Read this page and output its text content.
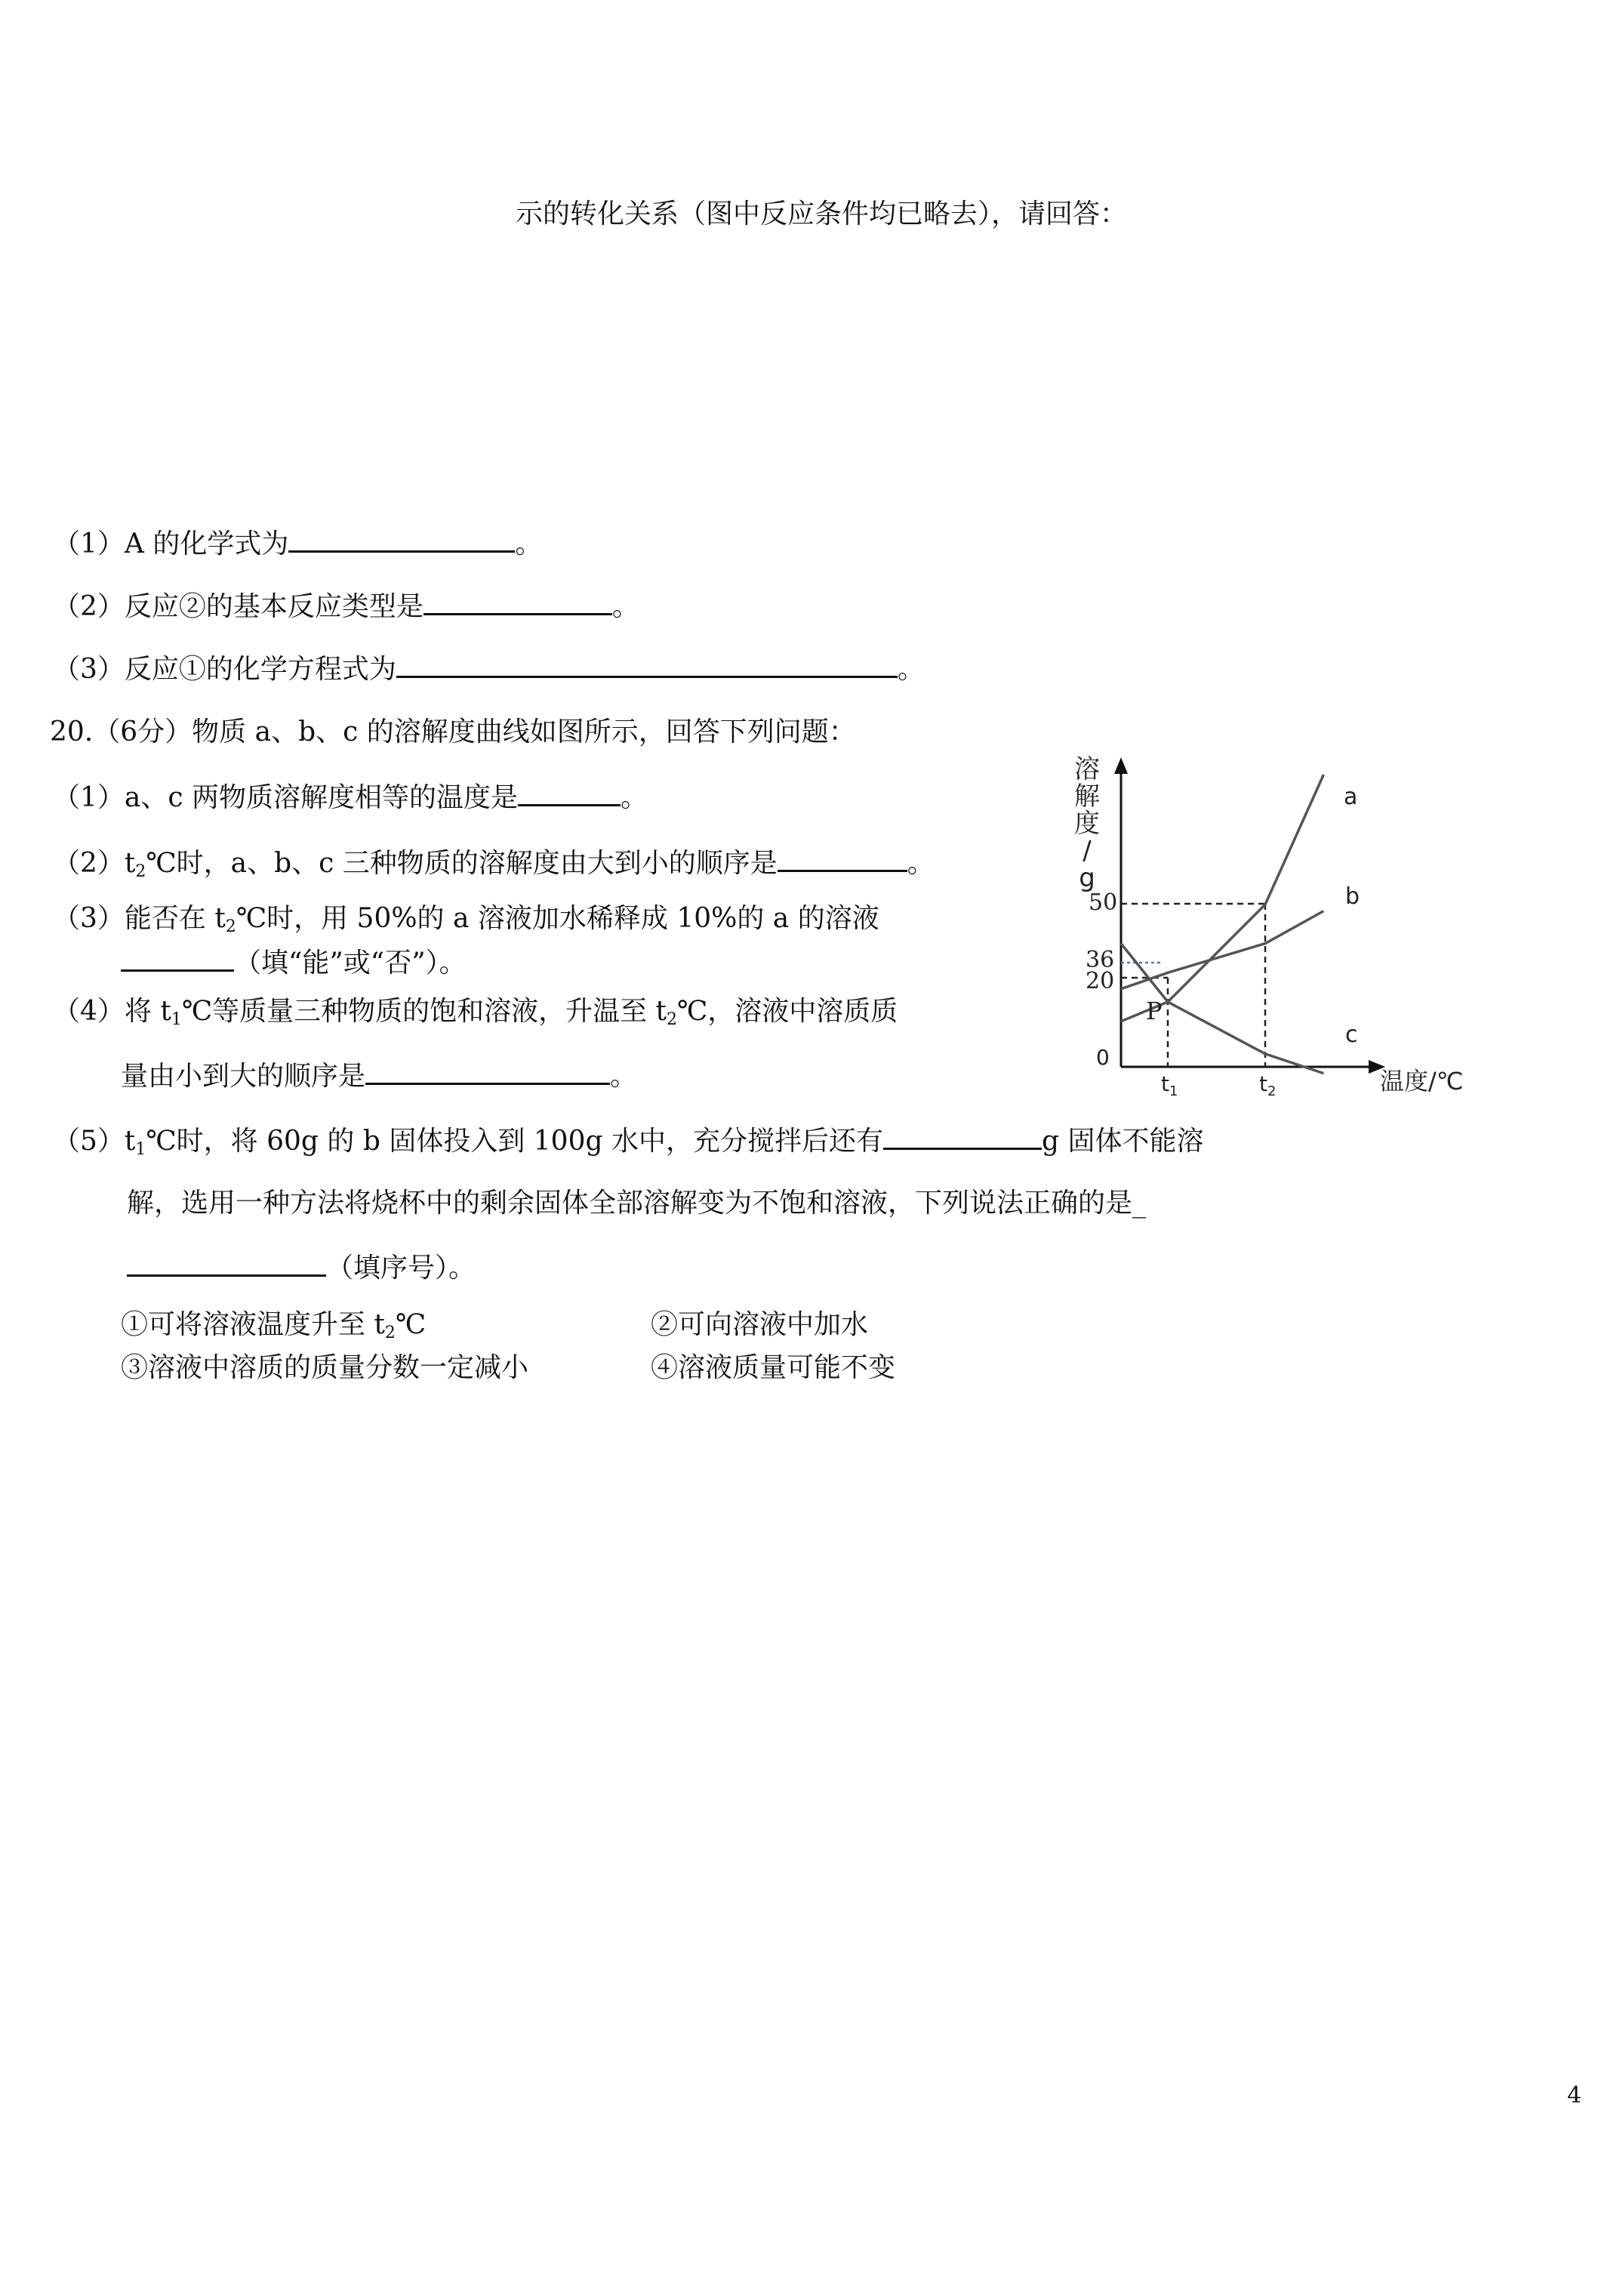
示的转化关系（图中反应条件均已略去），请回答：
（1）A 的化学式为	。
（2）反应②的基本反应类型是	。
（3）反应①的化学方程式为	。
20.（6分）物质 a、b、c 的溶解度曲线如图所示，回答下列问题：
（1）a、c 两物质溶解度相等的温度是	。
$(2)t_2℃$时，a、b、c 三种物质的溶解度由大到小的顺序是	。
（3）能否在 $t_2℃$时，用 50%的 a 溶液加水稀释成 10%的 a 的溶液
（填“能”或“否”）。
（4）将 $t_1℃$等质量三种物质的饱和溶液，升温至 $t_2℃$，溶液中溶质质
量由小到大的顺序是	。
$(5)t_1℃$时，将 60g 的 b 固体投入到 100g 水中，充分搅拌后还有	g 固体不能溶
解，选用一种方法将烧杯中的剩余固体全部溶解变为不饱和溶液，下列说法正确的是_
（填序号）。
①可将溶液温度升至 $t_2℃$	②可向溶液中加水
③溶液中溶质的质量分数一定减小	④溶液质量可能不变
溶解度/ g
温度/℃
0
50
36
20
$t_1$	$t_2$
a
b
c
P
4
